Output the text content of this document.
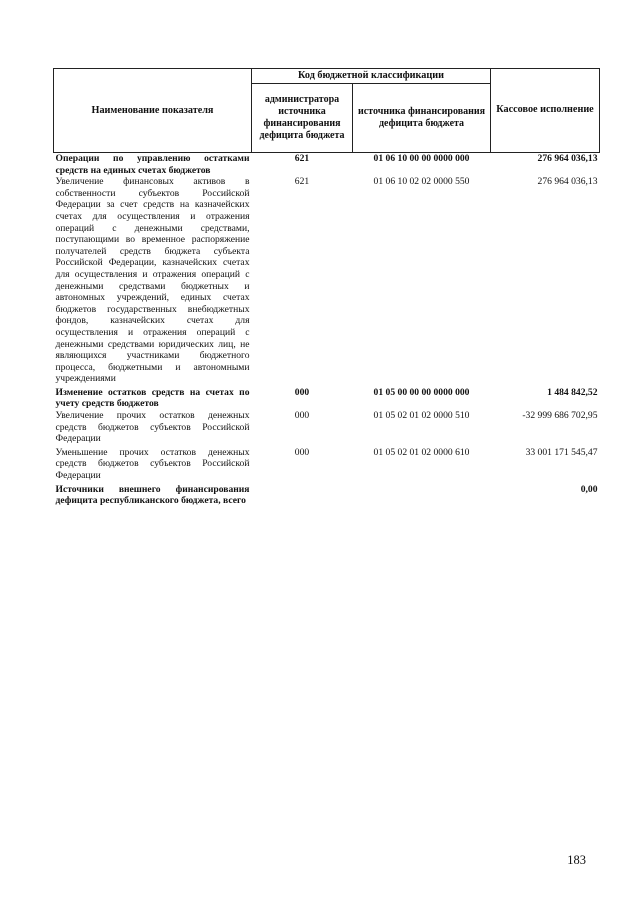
Наименование показателя	Код бюджетной классификации		Кассовое исполнение
	администратора источника финансирования дефицита бюджета	источника финансирования дефицита бюджета	
Операции по управлению остатками средств на единых счетах бюджетов	621	01 06 10 00 00 0000 000	276 964 036,13
Увеличение финансовых активов в собственности субъектов Российской Федерации за счет средств на казначейских счетах для осуществления и отражения операций с денежными средствами, поступающими во временное распоряжение получателей средств бюджета субъекта Российской Федерации, казначейских счетах для осуществления и отражения операций с денежными средствами бюджетных и автономных учреждений, единых счетах бюджетов государственных внебюджетных фондов, казначейских счетах для осуществления и отражения операций с денежными средствами юридических лиц, не являющихся участниками бюджетного процесса, бюджетными и автономными учреждениями	621	01 06 10 02 02 0000 550	276 964 036,13
Изменение остатков средств на счетах по учету средств бюджетов	000	01 05 00 00 00 0000 000	1 484 842,52
Увеличение прочих остатков денежных средств бюджетов субъектов Российской Федерации	000	01 05 02 01 02 0000 510	-32 999 686 702,95
Уменьшение прочих остатков денежных средств бюджетов субъектов Российской Федерации	000	01 05 02 01 02 0000 610	33 001 171 545,47
Источники внешнего финансирования дефицита республиканского бюджета, всего			0,00
183
